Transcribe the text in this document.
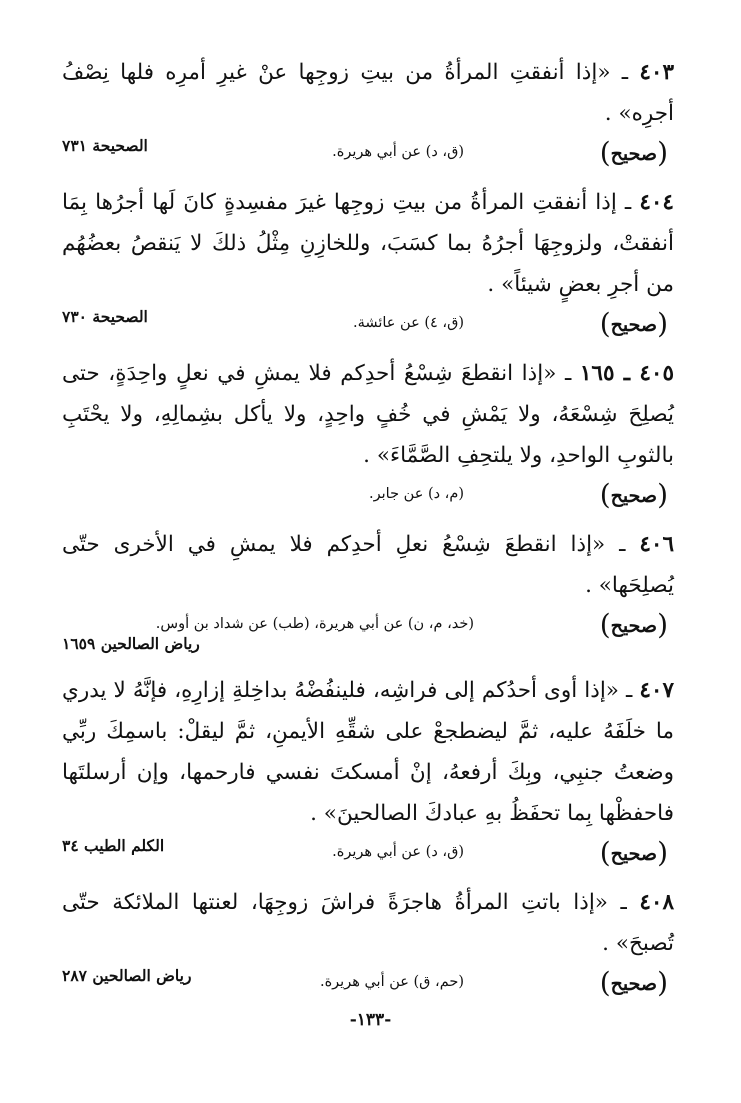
٤٠٣ ـ «إذا أنفقتِ المرأةُ من بيتِ زوجِها عنْ غيرِ أمرِه فلها نِصْفُ أجرِه» .
(صحيح)
(ق، د) عن أبي هريرة.
الصحيحة ٧٣١
٤٠٤ ـ إذا أنفقتِ المرأةُ من بيتِ زوجِها غيرَ مفسِدةٍ كانَ لَها أجرُها بِمَا أنفقتْ، ولزوجِهَا أجرُهُ بما كسَبَ، وللخازِنِ مِثْلُ ذلكَ لا يَنقصُ بعضُهُم من أجرِ بعضٍ شيئاً» .
(صحيح)
(ق، ٤) عن عائشة.
الصحيحة ٧٣٠
٤٠٥ ـ ١٦٥ ـ «إذا انقطعَ شِسْعُ أحدِكم فلا يمشِ في نعلٍ واحِدَةٍ، حتى يُصلِحَ شِسْعَهُ، ولا يَمْشِ في خُفٍ واحِدٍ، ولا يأكل بشِمالِهِ، ولا يحْتَبِ بالثوبِ الواحدِ، ولا يلتحِفِ الصَّمَّاءَ» .
(صحيح)
(م، د) عن جابر.
٤٠٦ ـ «إذا انقطعَ شِسْعُ نعلِ أحدِكم فلا يمشِ في الأخرى حتّى يُصلِحَها» .
(صحيح)
(خد، م، ن) عن أبي هريرة، (طب) عن شداد بن أوس.
رياض الصالحين ١٦٥٩
٤٠٧ ـ «إذا أوى أحدُكم إلى فراشِه، فلينفُضْهُ بداخِلةِ إزارِهِ، فإنَّهُ لا يدري ما خلَفَهُ عليه، ثمَّ ليضطجعْ على شقِّهِ الأيمنِ، ثمَّ ليقلْ: باسمِكَ ربِّي وضعتُ جنبِي، وبِكَ أرفعهُ، إنْ أمسكتَ نفسي فارحمها، وإن أرسلتَها فاحفظْها بِما تحفَظُ بهِ عبادكَ الصالحينَ» .
(صحيح)
(ق، د) عن أبي هريرة.
الكلم الطيب ٣٤
٤٠٨ ـ «إذا باتتِ المرأةُ هاجرَةً فراشَ زوجِهَا، لعنتها الملائكة حتّى تُصبحَ» .
(صحيح)
(حم، ق) عن أبي هريرة.
رياض الصالحين ٢٨٧
-١٣٣-
